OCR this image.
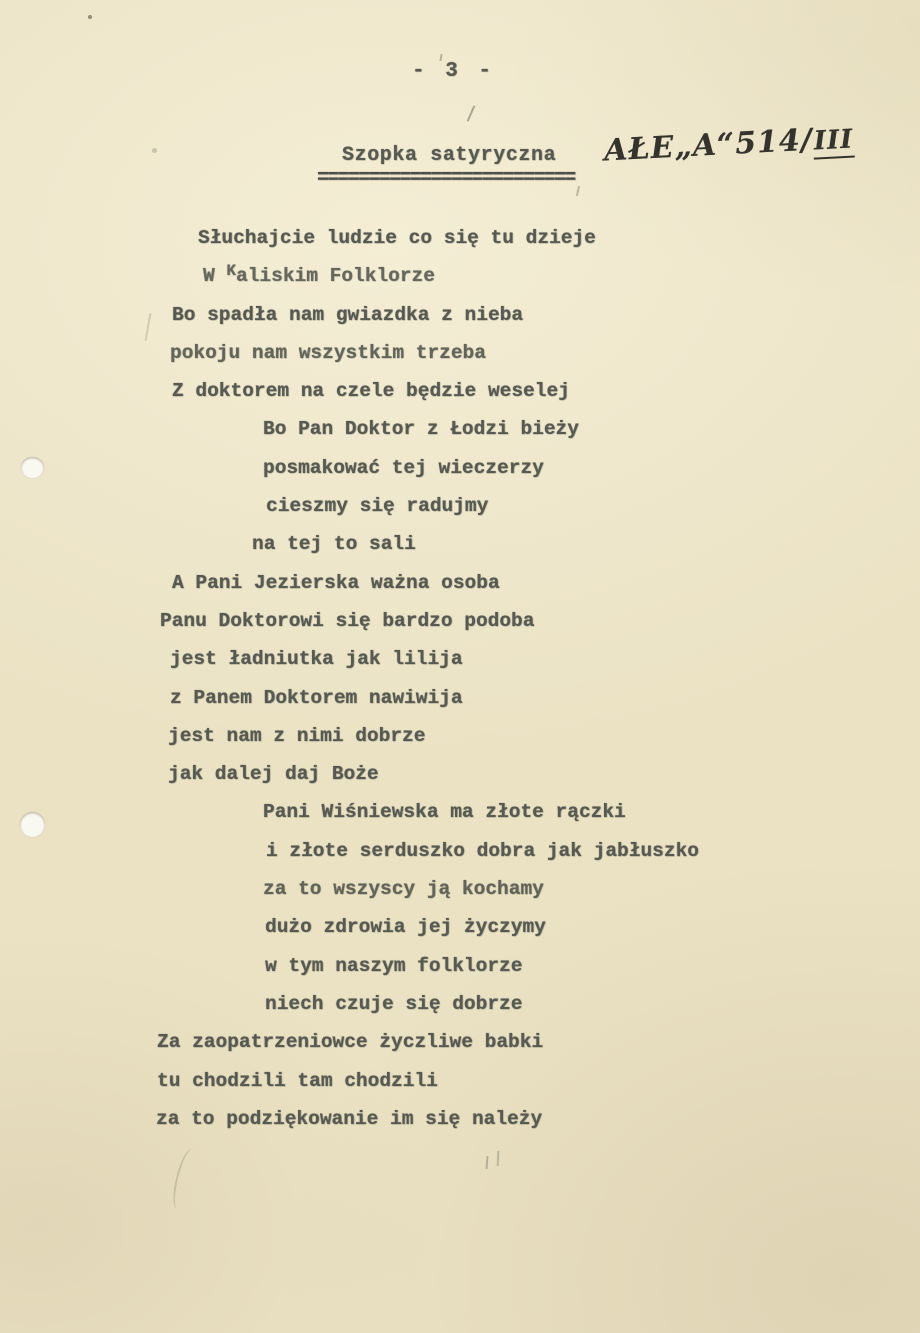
- 3 -
Szopka satyryczna
=========================
AŁE„A“514/III
Słuchajcie ludzie co się tu dzieje
W $^K$aliskim Folklorze
Bo spadła nam gwiazdka z nieba
pokoju nam wszystkim trzeba
Z doktorem na czele będzie weselej
Bo Pan Doktor z Łodzi bieży
posmakować tej wieczerzy
cieszmy się radujmy
na tej to sali
A Pani Jezierska ważna osoba
Panu Doktorowi się bardzo podoba
jest ładniutka jak lilija
z Panem Doktorem nawiwija
jest nam z nimi dobrze
jak dalej daj Boże
Pani Wiśniewska ma złote rączki
i złote serduszko dobra jak jabłuszko
za to wszyscy ją kochamy
dużo zdrowia jej życzymy
w tym naszym folklorze
niech czuje się dobrze
Za zaopatrzeniowce życzliwe babki
tu chodzili tam chodzili
za to podziękowanie im się należy
